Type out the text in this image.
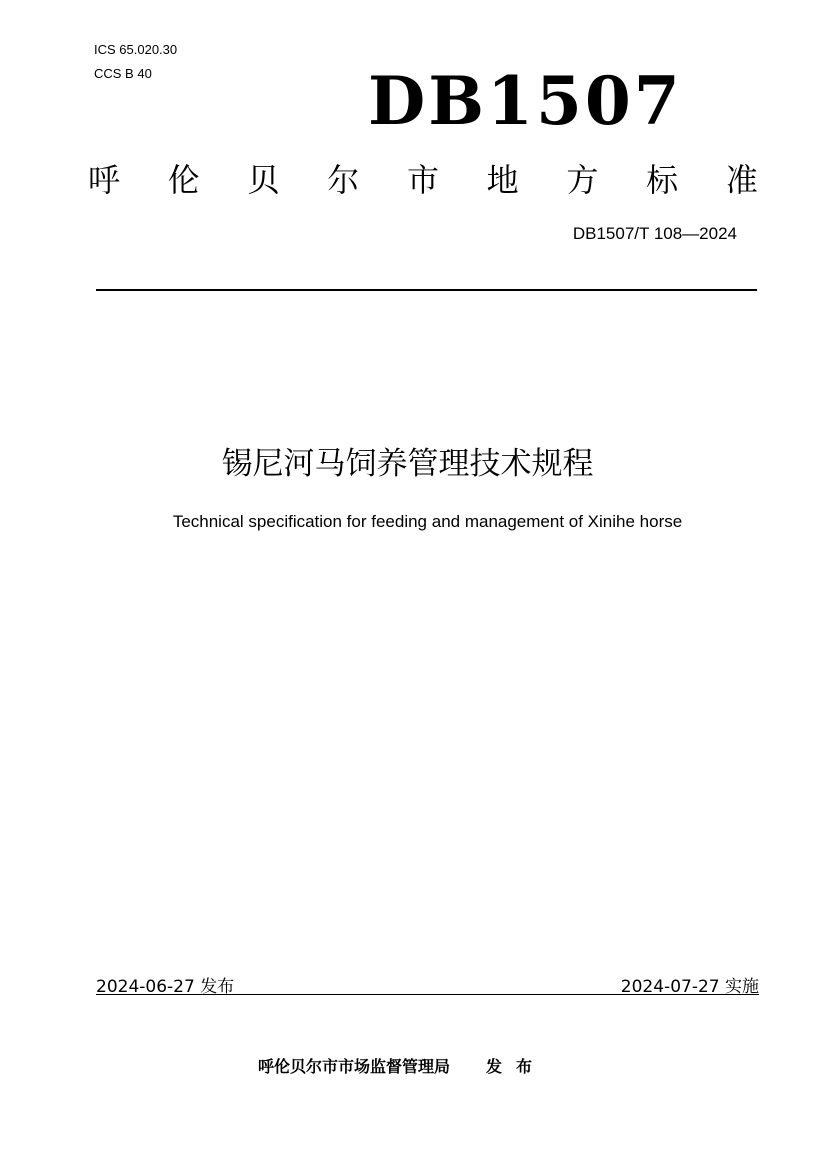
ICS 65.020.30
CCS B 40	DB1507
呼 伦 贝 尔 市 地 方 标 准
DB1507/T 108—2024
锡尼河马饲养管理技术规程
Technical specification for feeding and management of Xinihe horse
2024-06-27 发布	2024-07-27 实施
呼伦贝尔市市场监督管理局 发布
